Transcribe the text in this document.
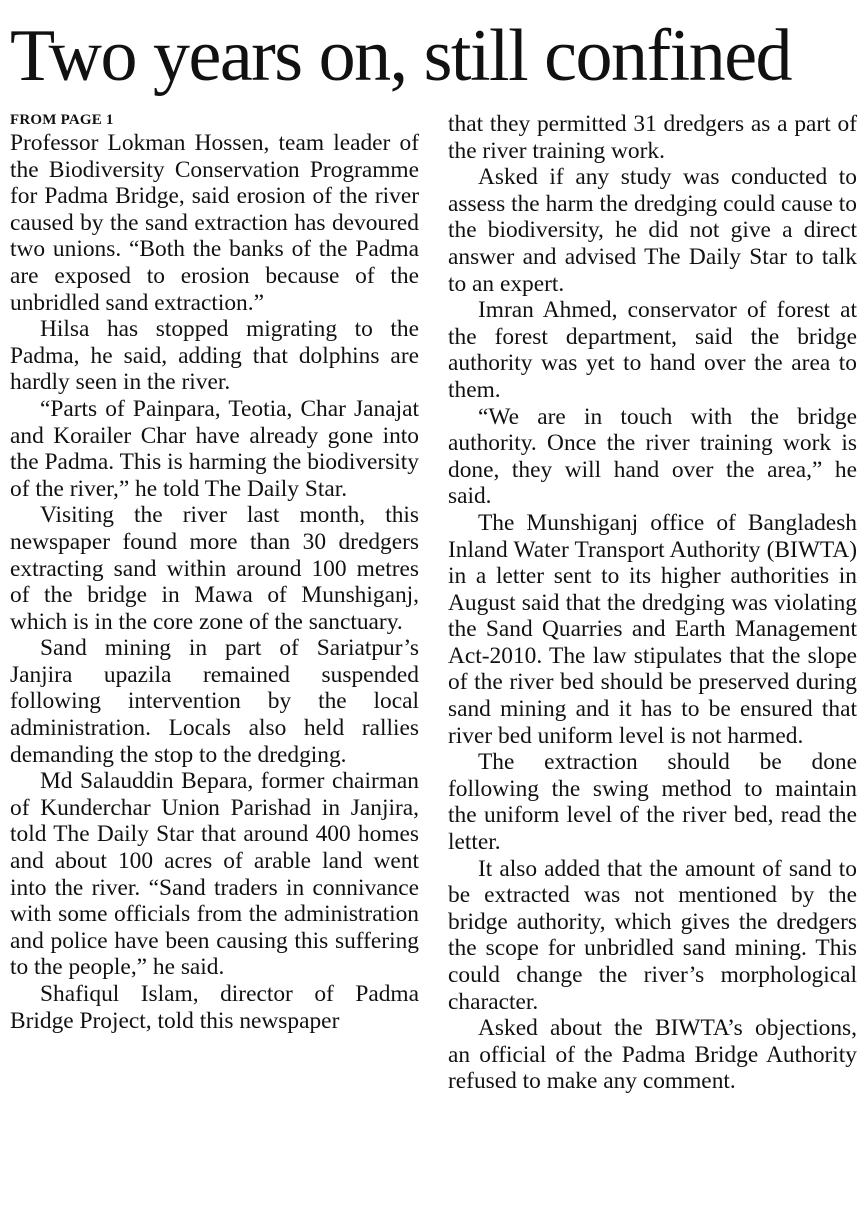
Two years on, still confined
FROM PAGE 1

Professor Lokman Hossen, team leader of the Biodiversity Conservation Programme for Padma Bridge, said erosion of the river caused by the sand extraction has devoured two unions. “Both the banks of the Padma are exposed to erosion because of the unbridled sand extraction.”

Hilsa has stopped migrating to the Padma, he said, adding that dolphins are hardly seen in the river.

“Parts of Painpara, Teotia, Char Janajat and Korailer Char have already gone into the Padma. This is harming the biodiversity of the river,” he told The Daily Star.

Visiting the river last month, this newspaper found more than 30 dredgers extracting sand within around 100 metres of the bridge in Mawa of Munshiganj, which is in the core zone of the sanctuary.

Sand mining in part of Sariatpur’s Janjira upazila remained suspended following intervention by the local administration. Locals also held rallies demanding the stop to the dredging.

Md Salauddin Bepara, former chairman of Kunderchar Union Parishad in Janjira, told The Daily Star that around 400 homes and about 100 acres of arable land went into the river. “Sand traders in connivance with some officials from the administration and police have been causing this suffering to the people,” he said.

Shafiqul Islam, director of Padma Bridge Project, told this newspaper

that they permitted 31 dredgers as a part of the river training work.

Asked if any study was conducted to assess the harm the dredging could cause to the biodiversity, he did not give a direct answer and advised The Daily Star to talk to an expert.

Imran Ahmed, conservator of forest at the forest department, said the bridge authority was yet to hand over the area to them.

“We are in touch with the bridge authority. Once the river training work is done, they will hand over the area,” he said.

The Munshiganj office of Bangladesh Inland Water Transport Authority (BIWTA) in a letter sent to its higher authorities in August said that the dredging was violating the Sand Quarries and Earth Management Act-2010. The law stipulates that the slope of the river bed should be preserved during sand mining and it has to be ensured that river bed uniform level is not harmed.

The extraction should be done following the swing method to maintain the uniform level of the river bed, read the letter.

It also added that the amount of sand to be extracted was not mentioned by the bridge authority, which gives the dredgers the scope for unbridled sand mining. This could change the river’s morphological character.

Asked about the BIWTA’s objections, an official of the Padma Bridge Authority refused to make any comment.
